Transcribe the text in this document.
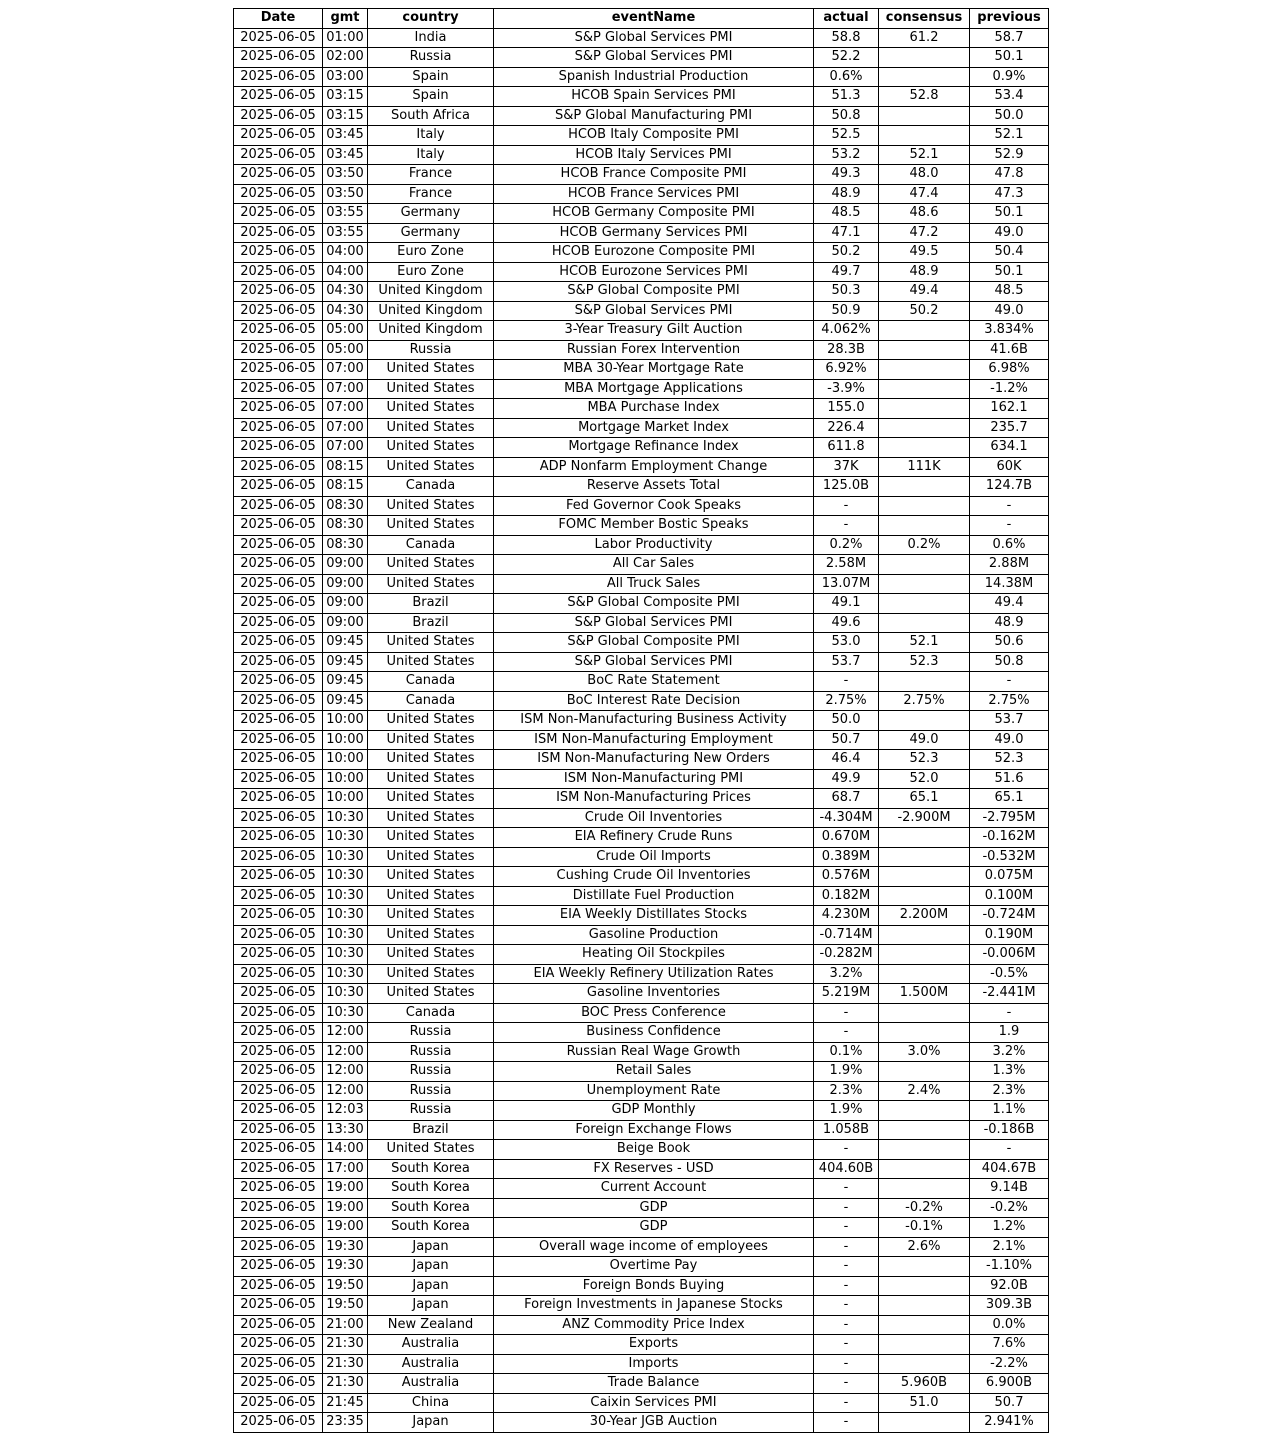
Date	gmt	country	eventName	actual	consensus	previous
2025-06-05	01:00	India	S&P Global Services PMI	58.8	61.2	58.7
2025-06-05	02:00	Russia	S&P Global Services PMI	52.2		50.1
2025-06-05	03:00	Spain	Spanish Industrial Production	0.6%		0.9%
2025-06-05	03:15	Spain	HCOB Spain Services PMI	51.3	52.8	53.4
2025-06-05	03:15	South Africa	S&P Global Manufacturing PMI	50.8		50.0
2025-06-05	03:45	Italy	HCOB Italy Composite PMI	52.5		52.1
2025-06-05	03:45	Italy	HCOB Italy Services PMI	53.2	52.1	52.9
2025-06-05	03:50	France	HCOB France Composite PMI	49.3	48.0	47.8
2025-06-05	03:50	France	HCOB France Services PMI	48.9	47.4	47.3
2025-06-05	03:55	Germany	HCOB Germany Composite PMI	48.5	48.6	50.1
2025-06-05	03:55	Germany	HCOB Germany Services PMI	47.1	47.2	49.0
2025-06-05	04:00	Euro Zone	HCOB Eurozone Composite PMI	50.2	49.5	50.4
2025-06-05	04:00	Euro Zone	HCOB Eurozone Services PMI	49.7	48.9	50.1
2025-06-05	04:30	United Kingdom	S&P Global Composite PMI	50.3	49.4	48.5
2025-06-05	04:30	United Kingdom	S&P Global Services PMI	50.9	50.2	49.0
2025-06-05	05:00	United Kingdom	3-Year Treasury Gilt Auction	4.062%		3.834%
2025-06-05	05:00	Russia	Russian Forex Intervention	28.3B		41.6B
2025-06-05	07:00	United States	MBA 30-Year Mortgage Rate	6.92%		6.98%
2025-06-05	07:00	United States	MBA Mortgage Applications	-3.9%		-1.2%
2025-06-05	07:00	United States	MBA Purchase Index	155.0		162.1
2025-06-05	07:00	United States	Mortgage Market Index	226.4		235.7
2025-06-05	07:00	United States	Mortgage Refinance Index	611.8		634.1
2025-06-05	08:15	United States	ADP Nonfarm Employment Change	37K	111K	60K
2025-06-05	08:15	Canada	Reserve Assets Total	125.0B		124.7B
2025-06-05	08:30	United States	Fed Governor Cook Speaks	-		-
2025-06-05	08:30	United States	FOMC Member Bostic Speaks	-		-
2025-06-05	08:30	Canada	Labor Productivity	0.2%	0.2%	0.6%
2025-06-05	09:00	United States	All Car Sales	2.58M		2.88M
2025-06-05	09:00	United States	All Truck Sales	13.07M		14.38M
2025-06-05	09:00	Brazil	S&P Global Composite PMI	49.1		49.4
2025-06-05	09:00	Brazil	S&P Global Services PMI	49.6		48.9
2025-06-05	09:45	United States	S&P Global Composite PMI	53.0	52.1	50.6
2025-06-05	09:45	United States	S&P Global Services PMI	53.7	52.3	50.8
2025-06-05	09:45	Canada	BoC Rate Statement	-		-
2025-06-05	09:45	Canada	BoC Interest Rate Decision	2.75%	2.75%	2.75%
2025-06-05	10:00	United States	ISM Non-Manufacturing Business Activity	50.0		53.7
2025-06-05	10:00	United States	ISM Non-Manufacturing Employment	50.7	49.0	49.0
2025-06-05	10:00	United States	ISM Non-Manufacturing New Orders	46.4	52.3	52.3
2025-06-05	10:00	United States	ISM Non-Manufacturing PMI	49.9	52.0	51.6
2025-06-05	10:00	United States	ISM Non-Manufacturing Prices	68.7	65.1	65.1
2025-06-05	10:30	United States	Crude Oil Inventories	-4.304M	-2.900M	-2.795M
2025-06-05	10:30	United States	EIA Refinery Crude Runs	0.670M		-0.162M
2025-06-05	10:30	United States	Crude Oil Imports	0.389M		-0.532M
2025-06-05	10:30	United States	Cushing Crude Oil Inventories	0.576M		0.075M
2025-06-05	10:30	United States	Distillate Fuel Production	0.182M		0.100M
2025-06-05	10:30	United States	EIA Weekly Distillates Stocks	4.230M	2.200M	-0.724M
2025-06-05	10:30	United States	Gasoline Production	-0.714M		0.190M
2025-06-05	10:30	United States	Heating Oil Stockpiles	-0.282M		-0.006M
2025-06-05	10:30	United States	EIA Weekly Refinery Utilization Rates	3.2%		-0.5%
2025-06-05	10:30	United States	Gasoline Inventories	5.219M	1.500M	-2.441M
2025-06-05	10:30	Canada	BOC Press Conference	-		-
2025-06-05	12:00	Russia	Business Confidence	-		1.9
2025-06-05	12:00	Russia	Russian Real Wage Growth	0.1%	3.0%	3.2%
2025-06-05	12:00	Russia	Retail Sales	1.9%		1.3%
2025-06-05	12:00	Russia	Unemployment Rate	2.3%	2.4%	2.3%
2025-06-05	12:03	Russia	GDP Monthly	1.9%		1.1%
2025-06-05	13:30	Brazil	Foreign Exchange Flows	1.058B		-0.186B
2025-06-05	14:00	United States	Beige Book	-		-
2025-06-05	17:00	South Korea	FX Reserves - USD	404.60B		404.67B
2025-06-05	19:00	South Korea	Current Account	-		9.14B
2025-06-05	19:00	South Korea	GDP	-	-0.2%	-0.2%
2025-06-05	19:00	South Korea	GDP	-	-0.1%	1.2%
2025-06-05	19:30	Japan	Overall wage income of employees	-	2.6%	2.1%
2025-06-05	19:30	Japan	Overtime Pay	-		-1.10%
2025-06-05	19:50	Japan	Foreign Bonds Buying	-		92.0B
2025-06-05	19:50	Japan	Foreign Investments in Japanese Stocks	-		309.3B
2025-06-05	21:00	New Zealand	ANZ Commodity Price Index	-		0.0%
2025-06-05	21:30	Australia	Exports	-		7.6%
2025-06-05	21:30	Australia	Imports	-		-2.2%
2025-06-05	21:30	Australia	Trade Balance	-	5.960B	6.900B
2025-06-05	21:45	China	Caixin Services PMI	-	51.0	50.7
2025-06-05	23:35	Japan	30-Year JGB Auction	-		2.941%
